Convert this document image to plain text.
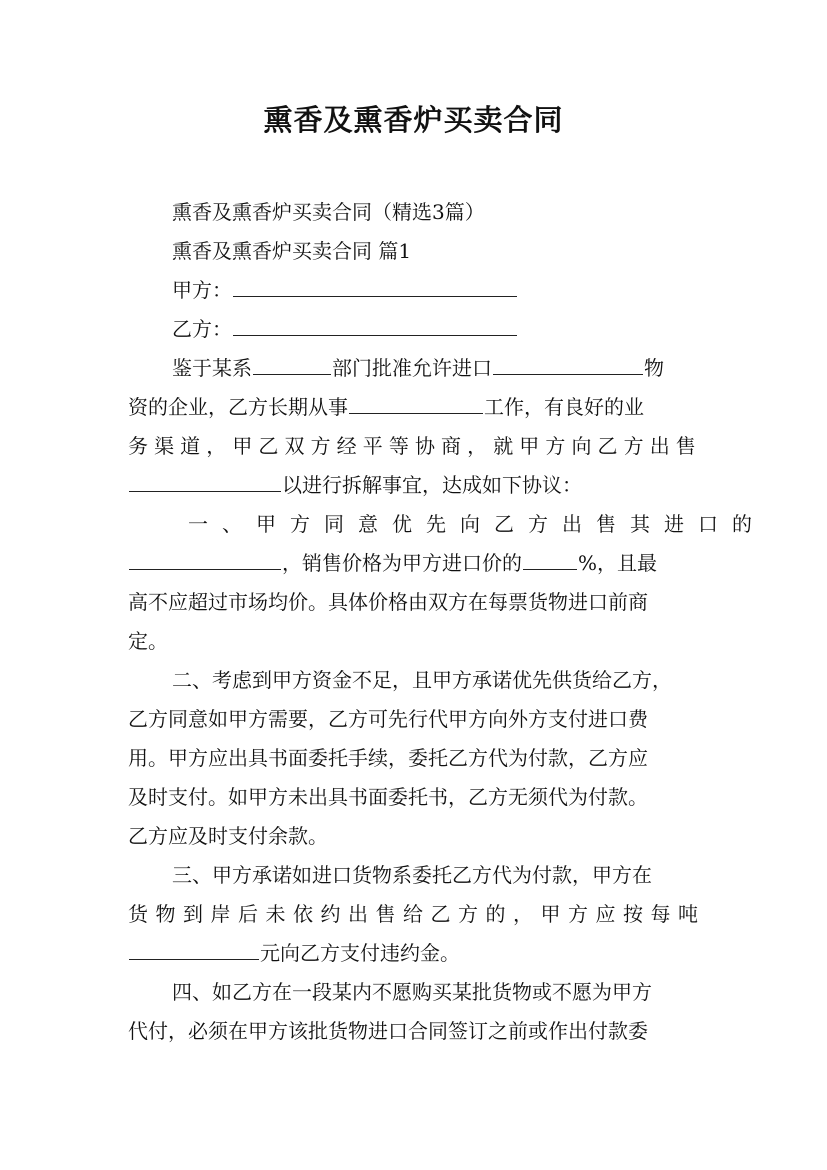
熏香及熏香炉买卖合同
熏香及熏香炉买卖合同（精选3篇）
熏香及熏香炉买卖合同 篇1
甲方：
乙方：
鉴于某系	部门批准允许进口	物
资的企业，乙方长期从事	工作，有良好的业
务渠道，甲乙双方经平等协商，就甲方向乙方出售
以进行拆解事宜，达成如下协议：
一、甲方同意优先向乙方出售其进口的
，销售价格为甲方进口价的	%，且最
高不应超过市场均价。具体价格由双方在每票货物进口前商
定。
二、考虑到甲方资金不足，且甲方承诺优先供货给乙方，
乙方同意如甲方需要，乙方可先行代甲方向外方支付进口费
用。甲方应出具书面委托手续，委托乙方代为付款，乙方应
及时支付。如甲方未出具书面委托书，乙方无须代为付款。
乙方应及时支付余款。
三、甲方承诺如进口货物系委托乙方代为付款，甲方在
货物到岸后未依约出售给乙方的，甲方应按每吨
元向乙方支付违约金。
四、如乙方在一段某内不愿购买某批货物或不愿为甲方
代付，必须在甲方该批货物进口合同签订之前或作出付款委
